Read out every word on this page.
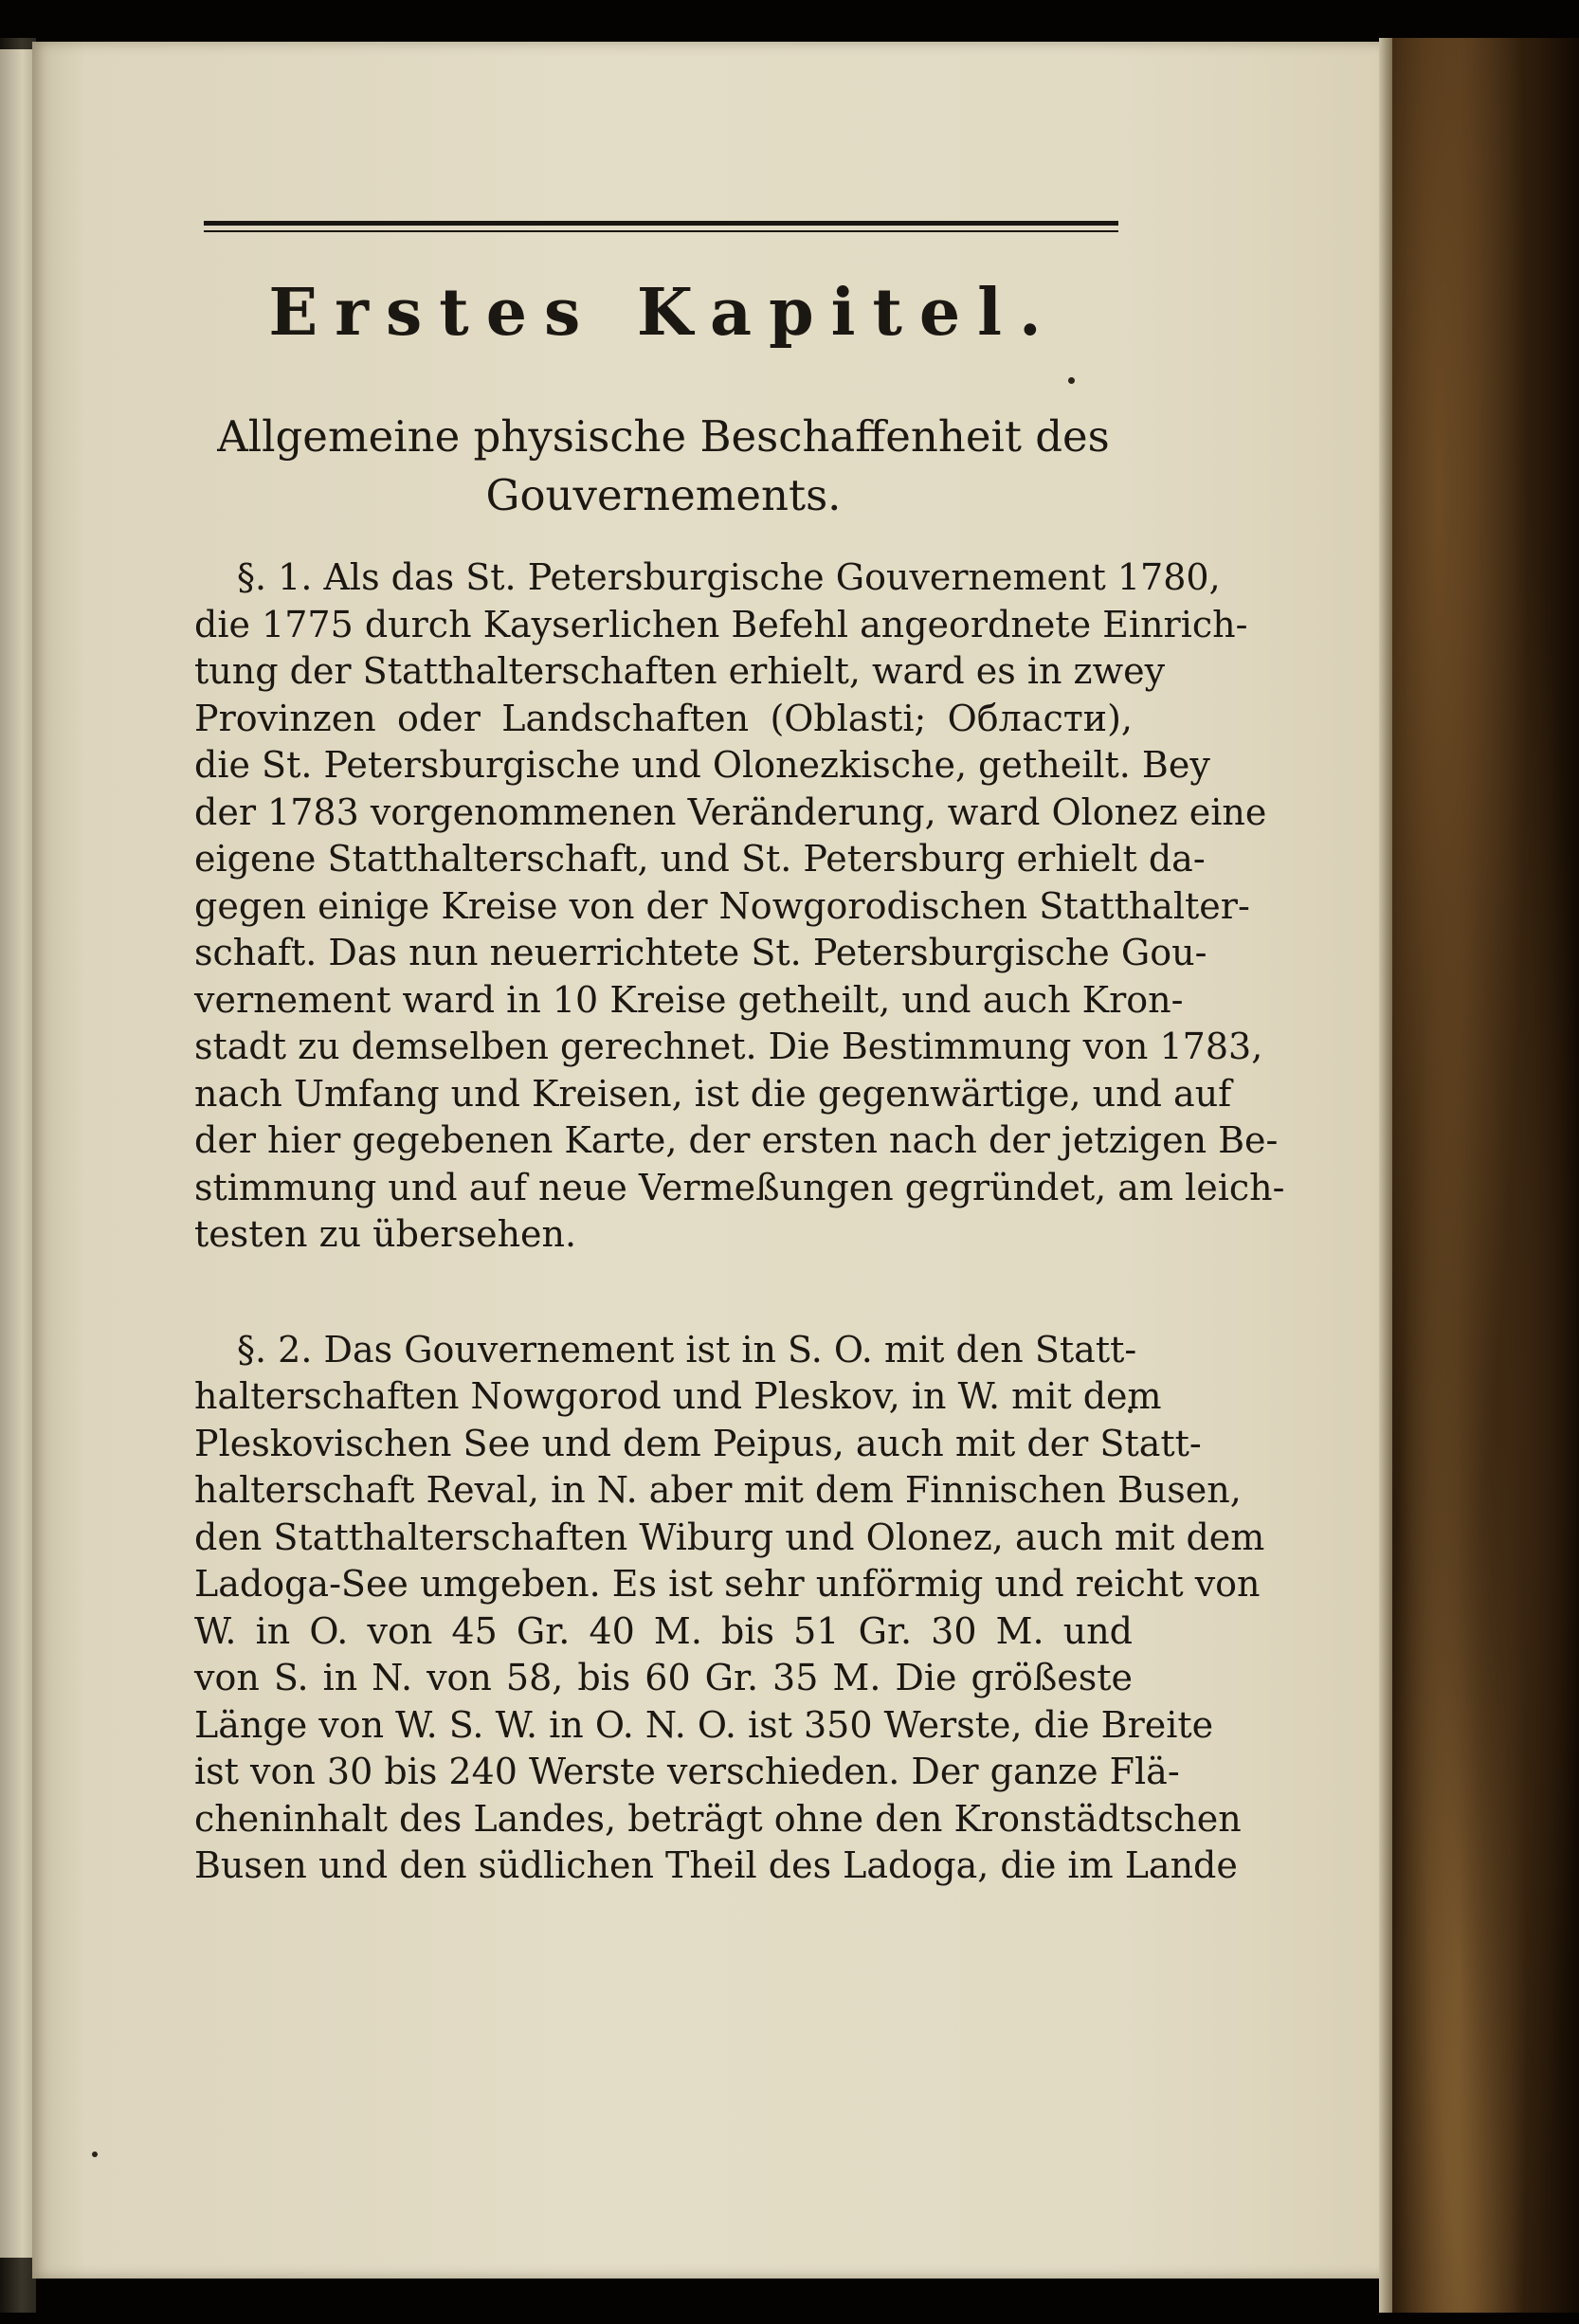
Erstes Kapitel.
Allgemeine physische Beschaffenheit des
Gouvernements.
§. 1. Als das St. Petersburgische Gouvernement 1780,
die 1775 durch Kayserlichen Befehl angeordnete Einrich-
tung der Statthalterschaften erhielt, ward es in zwey
Provinzen oder Landschaften (Oblasti; Области),
die St. Petersburgische und Olonezkische, getheilt. Bey
der 1783 vorgenommenen Veränderung, ward Olonez eine
eigene Statthalterschaft, und St. Petersburg erhielt da-
gegen einige Kreise von der Nowgorodischen Statthalter-
schaft. Das nun neuerrichtete St. Petersburgische Gou-
vernement ward in 10 Kreise getheilt, und auch Kron-
stadt zu demselben gerechnet. Die Bestimmung von 1783,
nach Umfang und Kreisen, ist die gegenwärtige, und auf
der hier gegebenen Karte, der ersten nach der jetzigen Be-
stimmung und auf neue Vermeßungen gegründet, am leich-
testen zu übersehen.
§. 2. Das Gouvernement ist in S. O. mit den Statt-
halterschaften Nowgorod und Pleskov, in W. mit dem
Pleskovischen See und dem Peipus, auch mit der Statt-
halterschaft Reval, in N. aber mit dem Finnischen Busen,
den Statthalterschaften Wiburg und Olonez, auch mit dem
Ladoga-See umgeben. Es ist sehr unförmig und reicht von
W. in O. von 45 Gr. 40 M. bis 51 Gr. 30 M. und
von S. in N. von 58, bis 60 Gr. 35 M. Die größeste
Länge von W. S. W. in O. N. O. ist 350 Werste, die Breite
ist von 30 bis 240 Werste verschieden. Der ganze Flä-
cheninhalt des Landes, beträgt ohne den Kronstädtschen
Busen und den südlichen Theil des Ladoga, die im Lande
